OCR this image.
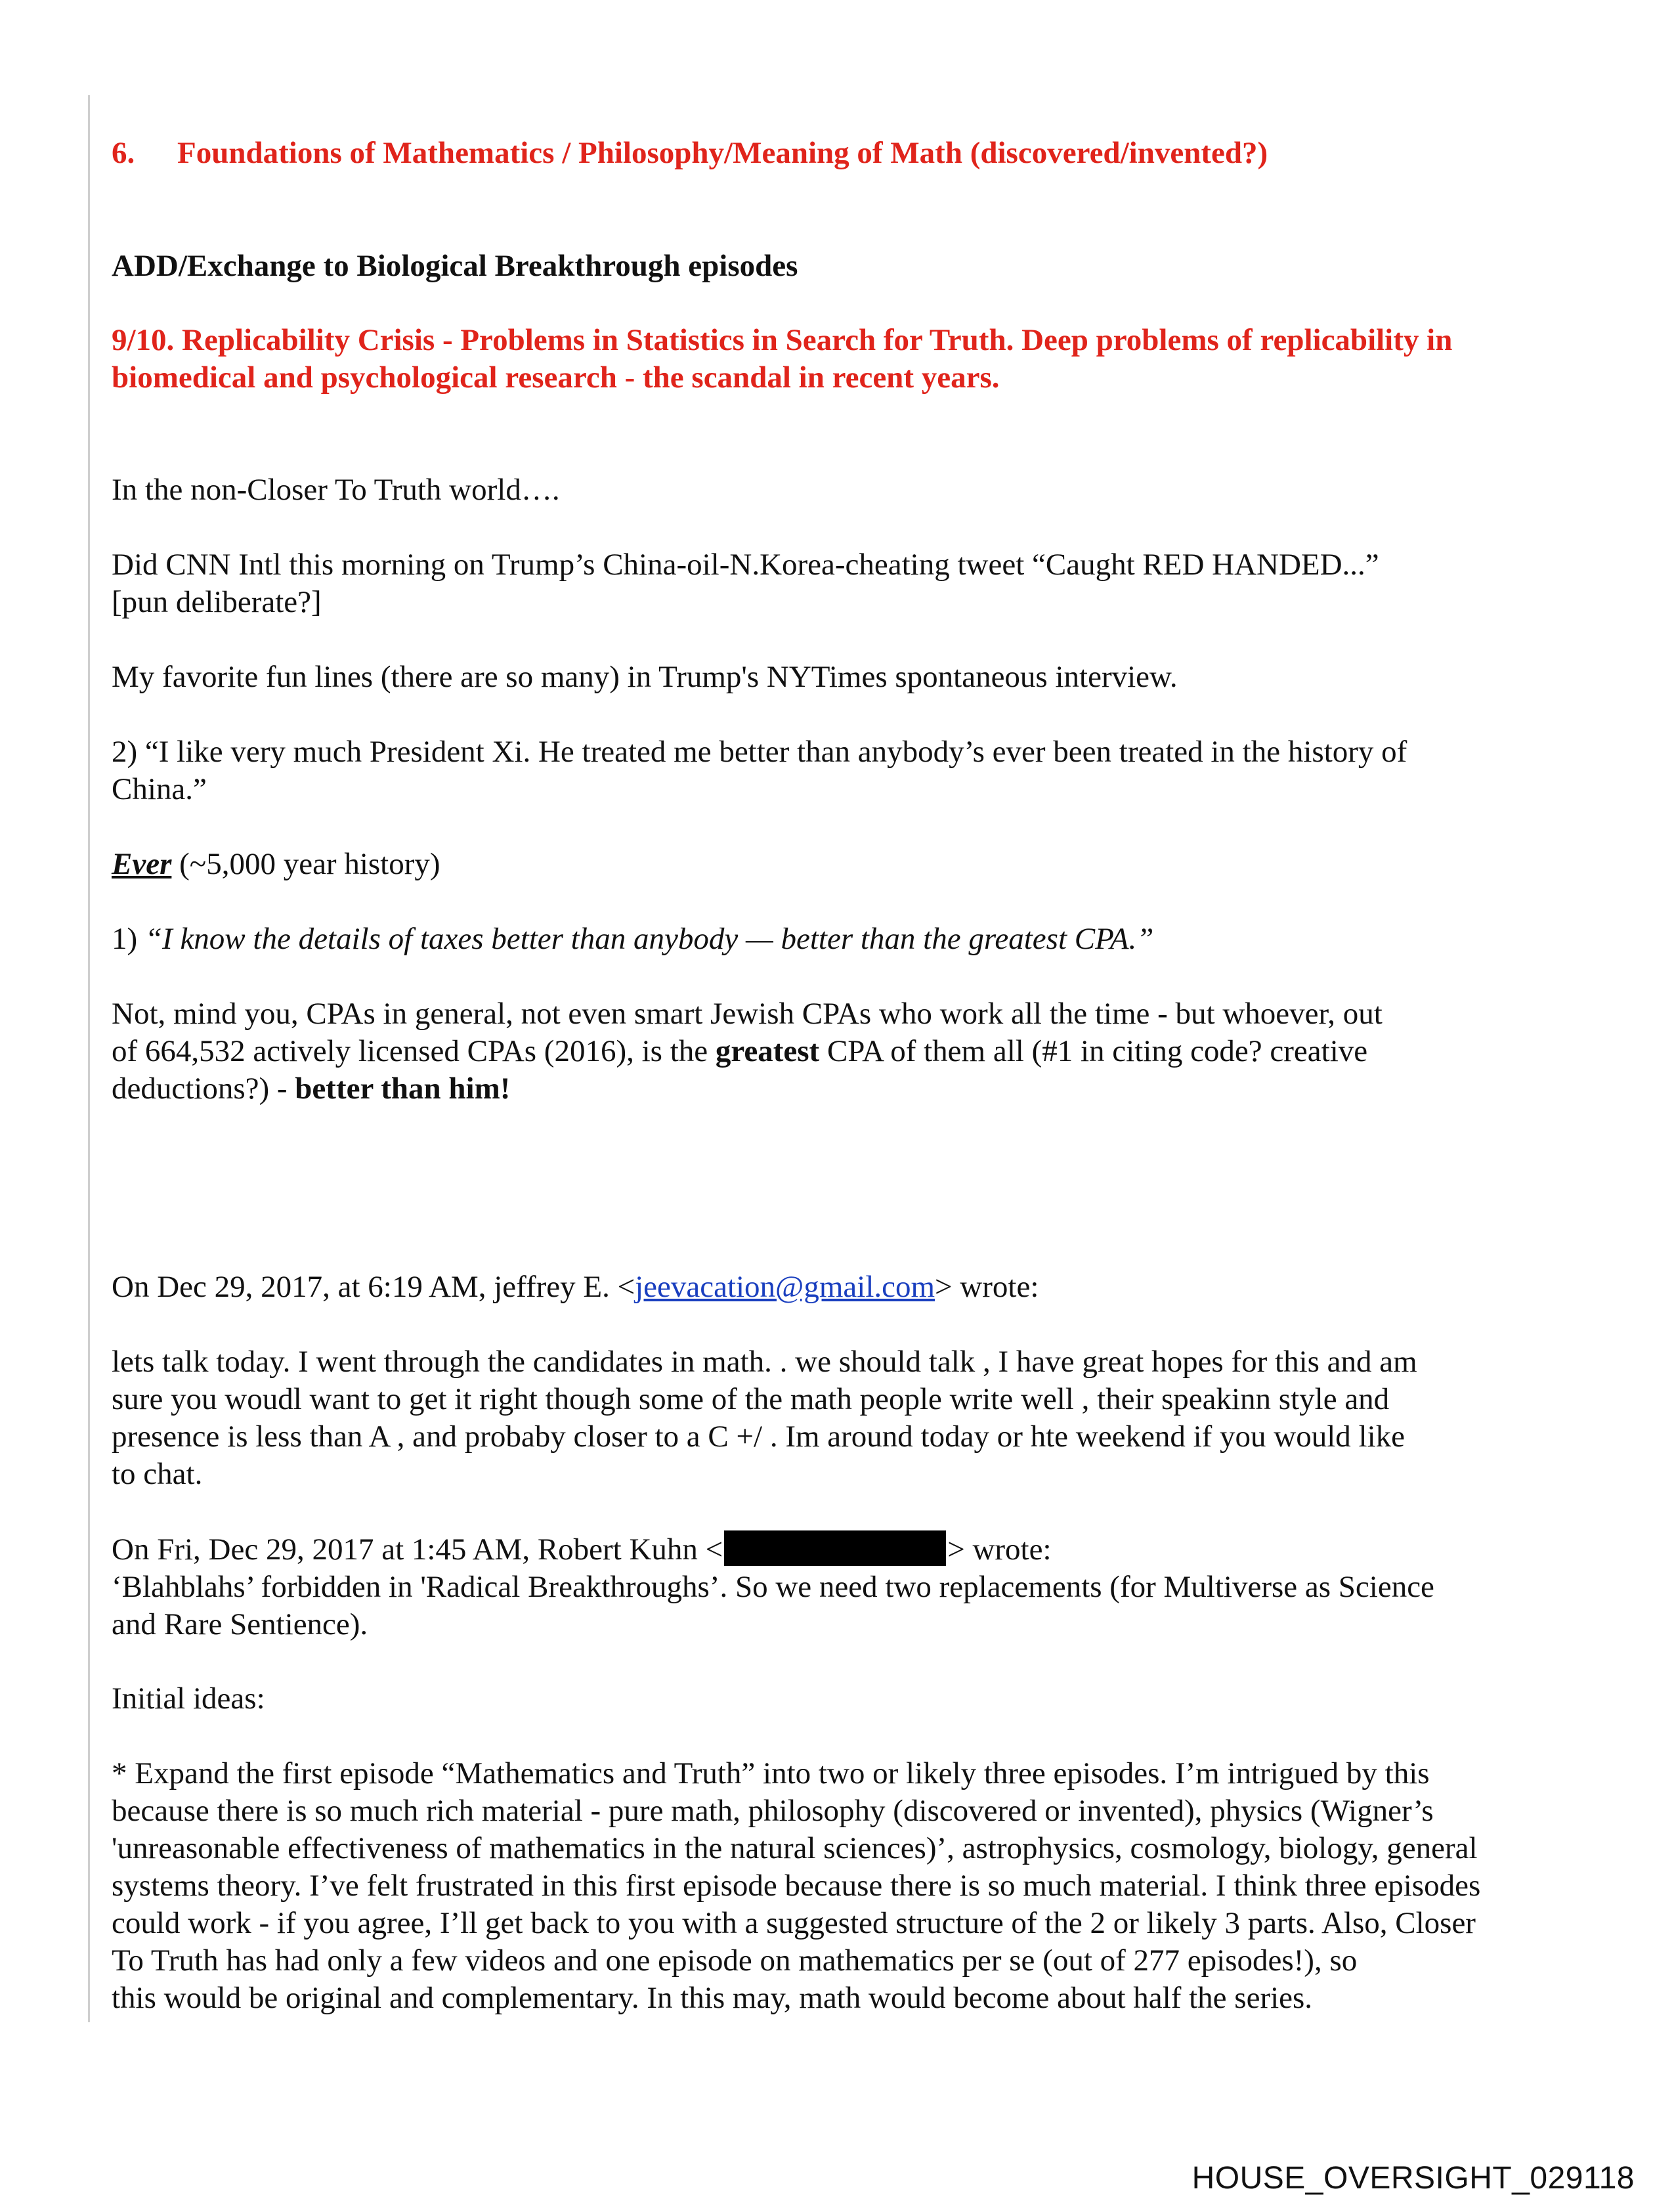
6. Foundations of Mathematics / Philosophy/Meaning of Math (discovered/invented?)
ADD/Exchange to Biological Breakthrough episodes
9/10. Replicability Crisis - Problems in Statistics in Search for Truth. Deep problems of replicability in
biomedical and psychological research - the scandal in recent years.
In the non-Closer To Truth world….
Did CNN Intl this morning on Trump’s China-oil-N.Korea-cheating tweet “Caught RED HANDED...”
[pun deliberate?]
My favorite fun lines (there are so many) in Trump's NYTimes spontaneous interview.
2) “I like very much President Xi. He treated me better than anybody’s ever been treated in the history of
China.”
Ever (~5,000 year history)
1) “I know the details of taxes better than anybody — better than the greatest CPA.”
Not, mind you, CPAs in general, not even smart Jewish CPAs who work all the time - but whoever, out
of 664,532 actively licensed CPAs (2016), is the greatest CPA of them all (#1 in citing code? creative
deductions?) - better than him!
On Dec 29, 2017, at 6:19 AM, jeffrey E. <jeevacation@gmail.com> wrote:
lets talk today. I went through the candidates in math. . we should talk , I have great hopes for this and am
sure you woudl want to get it right though some of the math people write well , their speakinn style and
presence is less than A , and probaby closer to a C +/ . Im around today or hte weekend if you would like
to chat.
On Fri, Dec 29, 2017 at 1:45 AM, Robert Kuhn <	> wrote:
‘Blahblahs’ forbidden in 'Radical Breakthroughs’. So we need two replacements (for Multiverse as Science
and Rare Sentience).
Initial ideas:
* Expand the first episode “Mathematics and Truth” into two or likely three episodes. I’m intrigued by this
because there is so much rich material - pure math, philosophy (discovered or invented), physics (Wigner’s
'unreasonable effectiveness of mathematics in the natural sciences)’, astrophysics, cosmology, biology, general
systems theory. I’ve felt frustrated in this first episode because there is so much material. I think three episodes
could work - if you agree, I’ll get back to you with a suggested structure of the 2 or likely 3 parts. Also, Closer
To Truth has had only a few videos and one episode on mathematics per se (out of 277 episodes!), so
this would be original and complementary. In this may, math would become about half the series.
HOUSE_OVERSIGHT_029118
